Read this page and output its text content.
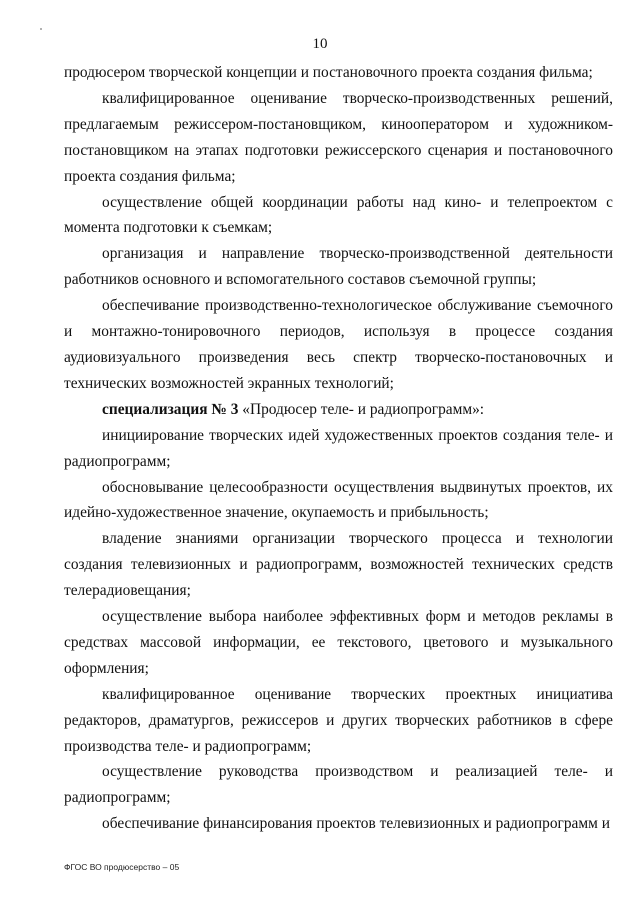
10

продюсером творческой концепции и постановочного проекта создания фильма;

квалифицированное оценивание творческо-производственных решений, предлагаемым режиссером-постановщиком, кинооператором и художником-постановщиком на этапах подготовки режиссерского сценария и постановочного проекта создания фильма;

осуществление общей координации работы над кино- и телепроектом с момента подготовки к съемкам;

организация и направление творческо-производственной деятельности работников основного и вспомогательного составов съемочной группы;

обеспечивание производственно-технологическое обслуживание съемочного и монтажно-тонировочного периодов, используя в процессе создания аудиовизуального произведения весь спектр творческо-постановочных и технических возможностей экранных технологий;

специализация № 3 «Продюсер теле- и радиопрограмм»:

инициирование творческих идей художественных проектов создания теле- и радиопрограмм;

обосновывание целесообразности осуществления выдвинутых проектов, их идейно-художественное значение, окупаемость и прибыльность;

владение знаниями организации творческого процесса и технологии создания телевизионных и радиопрограмм, возможностей технических средств телерадиовещания;

осуществление выбора наиболее эффективных форм и методов рекламы в средствах массовой информации, ее текстового, цветового и музыкального оформления;

квалифицированное оценивание творческих проектных инициатива редакторов, драматургов, режиссеров и других творческих работников в сфере производства теле- и радиопрограмм;

осуществление руководства производством и реализацией теле- и радиопрограмм;

обеспечивание финансирования проектов телевизионных и радиопрограмм и

ФГОС ВО продюсерство – 05
